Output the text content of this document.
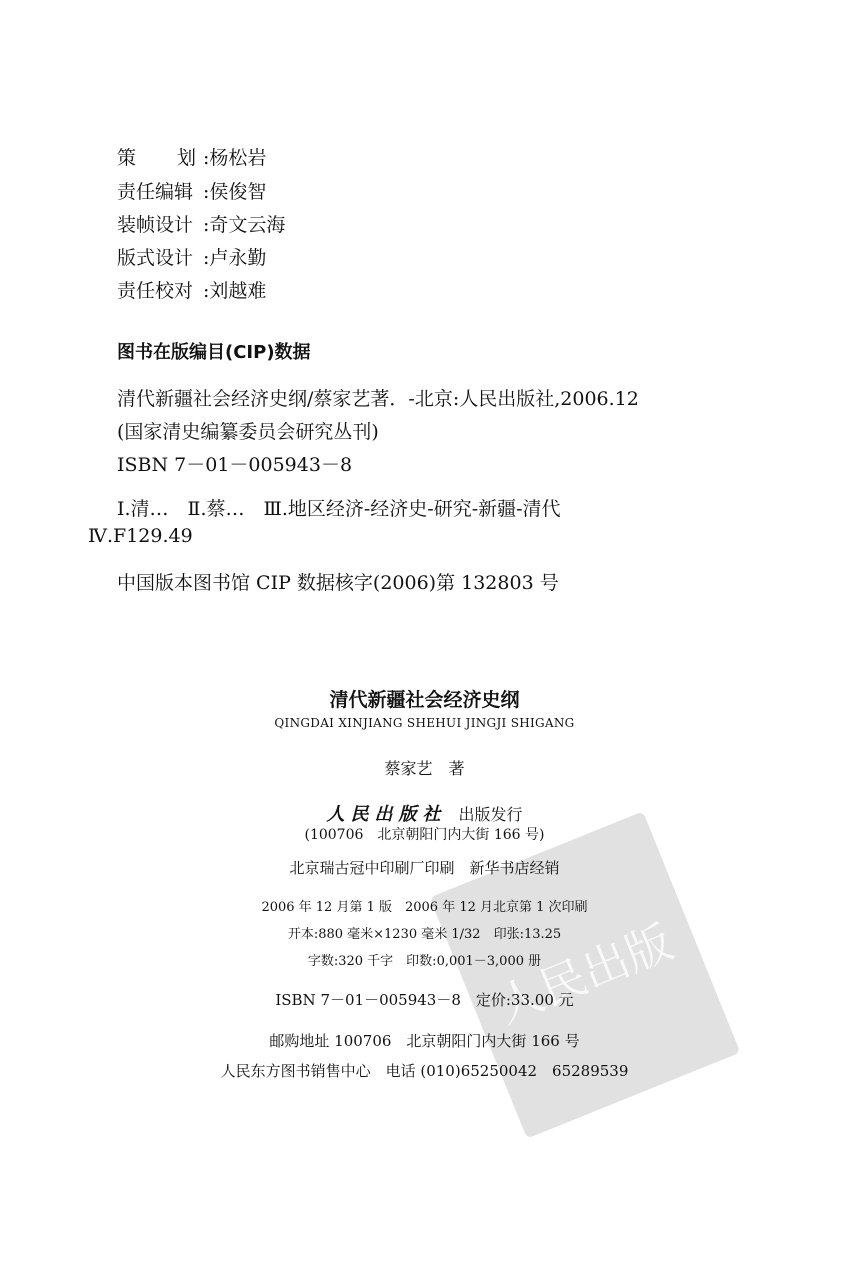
策　　划 :杨松岩
责任编辑 :侯俊智
装帧设计 :奇文云海
版式设计 :卢永勤
责任校对 :刘越难
图书在版编目(CIP)数据
清代新疆社会经济史纲/蔡家艺著．-北京:人民出版社,2006.12
(国家清史编纂委员会研究丛刊)
ISBN 7－01－005943－8
Ⅰ.清…　Ⅱ.蔡…　Ⅲ.地区经济-经济史-研究-新疆-清代
Ⅳ.F129.49
中国版本图书馆 CIP 数据核字(2006)第 132803 号
人民出版
清代新疆社会经济史纲
QINGDAI XINJIANG SHEHUI JINGJI SHIGANG
蔡家艺　著
人民出版社 出版发行
(100706　北京朝阳门内大街 166 号)
北京瑞古冠中印刷厂印刷　新华书店经销
2006 年 12 月第 1 版　2006 年 12 月北京第 1 次印刷
开本:880 毫米×1230 毫米 1/32　印张:13.25
字数:320 千字　印数:0,001－3,000 册
ISBN 7－01－005943－8　定价:33.00 元
邮购地址 100706　北京朝阳门内大街 166 号
人民东方图书销售中心　电话 (010)65250042　65289539
